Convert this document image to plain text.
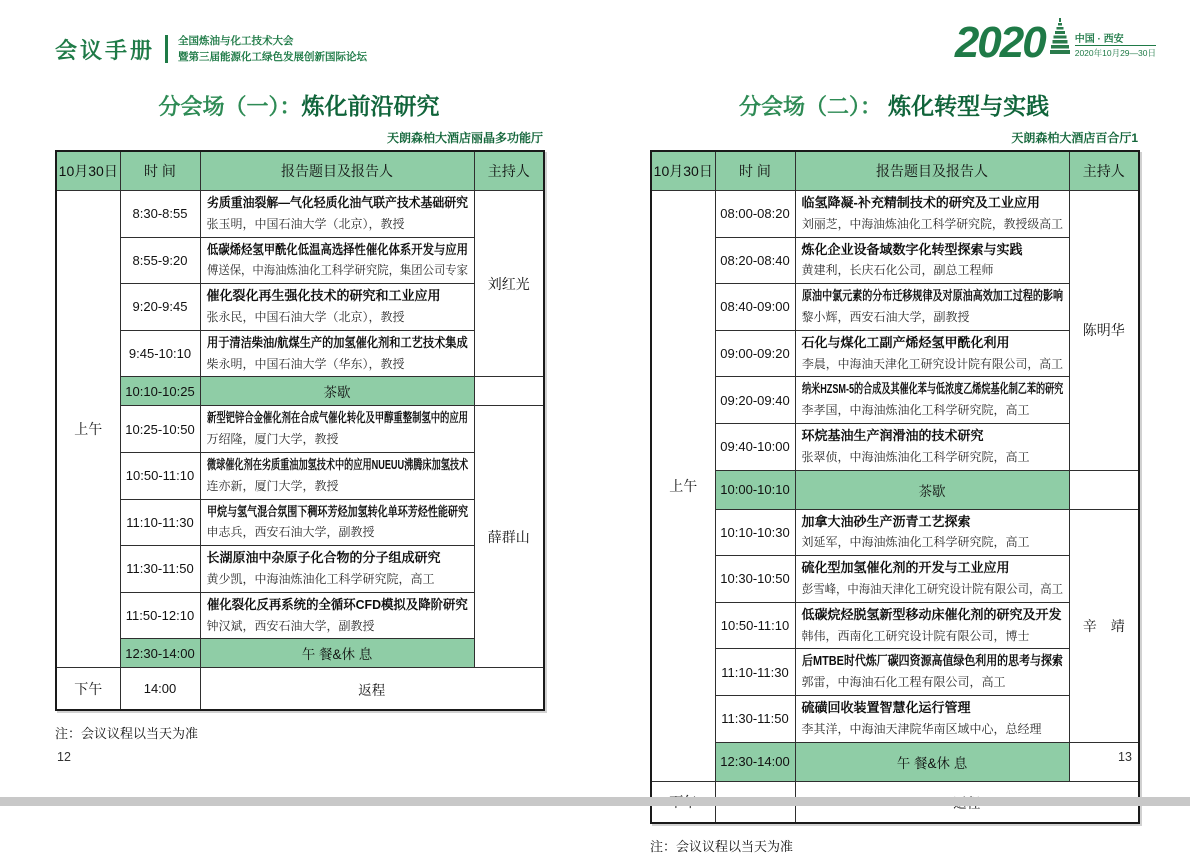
会议手册 全国炼油与化工技术大会
暨第三届能源化工绿色发展创新国际论坛	2020	中国 · 西安
2020年10月29—30日
分会场（一）：炼化前沿研究
天朗森柏大酒店丽晶多功能厅
10月30日	时 间	报告题目及报告人	主持人
上午	8:30-8:55	劣质重油裂解—气化轻质化油气联产技术基础研究
张玉明，中国石油大学（北京），教授	刘红光
	8:55-9:20	低碳烯烃氢甲酰化低温高选择性催化体系开发与应用
傅送保，中海油炼油化工科学研究院，集团公司专家	

	9:20-9:45	催化裂化再生强化技术的研究和工业应用
张永民，中国石油大学（北京），教授	

	9:45-10:10	用于清洁柴油/航煤生产的加氢催化剂和工艺技术集成
柴永明，中国石油大学（华东），教授	

	10:10-10:25	茶歇	
	10:25-10:50	新型钯锌合金催化剂在合成气催化转化及甲醇重整制氢中的应用
万绍隆，厦门大学，教授	薛群山
	10:50-11:10	微球催化剂在劣质重油加氢技术中的应用NUEUU沸腾床加氢技术
连亦新，厦门大学，教授	

	11:10-11:30	甲烷与氢气混合氛围下稠环芳烃加氢转化单环芳烃性能研究
申志兵，西安石油大学，副教授	

	11:30-11:50	长湖原油中杂原子化合物的分子组成研究
黄少凯，中海油炼油化工科学研究院，高工	

	11:50-12:10	催化裂化反再系统的全循环CFD模拟及降阶研究
钟汉斌，西安石油大学，副教授	

	12:30-14:00	午 餐&休 息	
下午	14:00	返程	
注：会议议程以当天为准
分会场（二）： 炼化转型与实践
天朗森柏大酒店百合厅1
10月30日	时 间	报告题目及报告人	主持人
上午	08:00-08:20	临氢降凝-补充精制技术的研究及工业应用
刘丽芝，中海油炼油化工科学研究院，教授级高工	陈明华
	08:20-08:40	炼化企业设备域数字化转型探索与实践
黄建利，长庆石化公司，副总工程师	

	08:40-09:00	原油中氯元素的分布迁移规律及对原油高效加工过程的影响
黎小辉，西安石油大学，副教授	

	09:00-09:20	石化与煤化工副产烯烃氢甲酰化利用
李晨，中海油天津化工研究设计院有限公司，高工	

	09:20-09:40	纳米HZSM-5的合成及其催化苯与低浓度乙烯烷基化制乙苯的研究
李孝国，中海油炼油化工科学研究院，高工	

	09:40-10:00	环烷基油生产润滑油的技术研究
张翠侦，中海油炼油化工科学研究院，高工	

	10:00-10:10	茶歇	
	10:10-10:30	加拿大油砂生产沥青工艺探索
刘延军，中海油炼油化工科学研究院，高工	辛　靖
	10:30-10:50	硫化型加氢催化剂的开发与工业应用
彭雪峰，中海油天津化工研究设计院有限公司，高工	

	10:50-11:10	低碳烷烃脱氢新型移动床催化剂的研究及开发
韩伟，西南化工研究设计院有限公司，博士	

	11:10-11:30	后MTBE时代炼厂碳四资源高值绿色利用的思考与探索
郭雷，中海油石化工程有限公司，高工	

	11:30-11:50	硫磺回收装置智慧化运行管理
李其洋，中海油天津院华南区域中心，总经理	

	12:30-14:00	午 餐&休 息	

注：会议议程以当天为准
12	13
